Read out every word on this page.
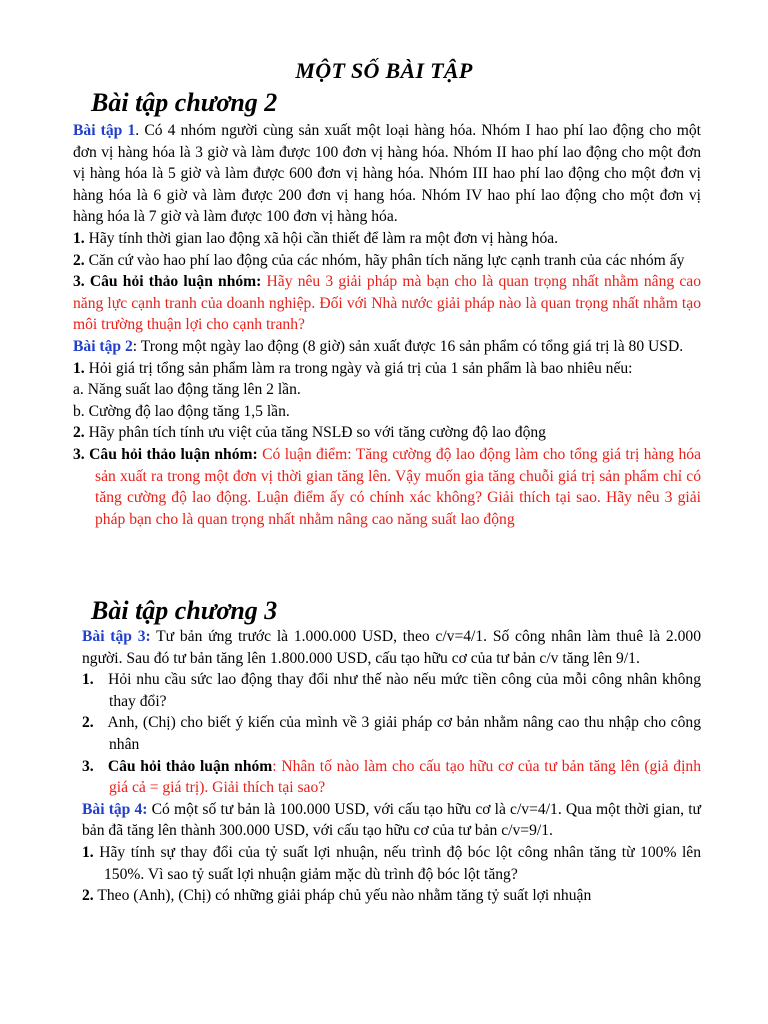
MỘT SỐ BÀI TẬP
Bài tập chương 2

Bài tập 1. Có 4 nhóm người cùng sản xuất một loại hàng hóa. Nhóm I hao phí lao động cho một đơn vị hàng hóa là 3 giờ và làm được 100 đơn vị hàng hóa. Nhóm II hao phí lao động cho một đơn vị hàng hóa là 5 giờ và làm được 600 đơn vị hàng hóa. Nhóm III hao phí lao động cho một đơn vị hàng hóa là 6 giờ và làm được 200 đơn vị hang hóa. Nhóm IV hao phí lao động cho một đơn vị hàng hóa là 7 giờ và làm được 100 đơn vị hàng hóa.

1. Hãy tính thời gian lao động xã hội cần thiết để làm ra một đơn vị hàng hóa.

2. Căn cứ vào hao phí lao động của các nhóm, hãy phân tích năng lực cạnh tranh của các nhóm ấy

3. Câu hỏi thảo luận nhóm: Hãy nêu 3 giải pháp mà bạn cho là quan trọng nhất nhằm nâng cao năng lực cạnh tranh của doanh nghiệp. Đối với Nhà nước giải pháp nào là quan trọng nhất nhằm tạo môi trường thuận lợi cho cạnh tranh?

Bài tập 2: Trong một ngày lao động (8 giờ) sản xuất được 16 sản phẩm có tổng giá trị là 80 USD.

1. Hỏi giá trị tổng sản phẩm làm ra trong ngày và giá trị của 1 sản phẩm là bao nhiêu nếu:

a. Năng suất lao động tăng lên 2 lần.

b. Cường độ lao động tăng 1,5 lần.

2. Hãy phân tích tính ưu việt của tăng NSLĐ so với tăng cường độ lao động

3. Câu hỏi thảo luận nhóm: Có luận điểm: Tăng cường độ lao động làm cho tổng giá trị hàng hóa sản xuất ra trong một đơn vị thời gian tăng lên. Vậy muốn gia tăng chuỗi giá trị sản phẩm chỉ có tăng cường độ lao động. Luận điểm ấy có chính xác không? Giải thích tại sao. Hãy nêu 3 giải pháp bạn cho là quan trọng nhất nhằm nâng cao năng suất lao động

Bài tập chương 3

Bài tập 3: Tư bản ứng trước là 1.000.000 USD, theo c/v=4/1. Số công nhân làm thuê là 2.000 người. Sau đó tư bản tăng lên 1.800.000 USD, cấu tạo hữu cơ của tư bản c/v tăng lên 9/1.

1. Hỏi nhu cầu sức lao động thay đổi như thế nào nếu mức tiền công của mỗi công nhân không thay đổi?

2. Anh, (Chị) cho biết ý kiến của mình về 3 giải pháp cơ bản nhằm nâng cao thu nhập cho công nhân

3. Câu hỏi thảo luận nhóm: Nhân tố nào làm cho cấu tạo hữu cơ của tư bản tăng lên (giả định giá cả = giá trị). Giải thích tại sao?

Bài tập 4: Có một số tư bản là 100.000 USD, với cấu tạo hữu cơ là c/v=4/1. Qua một thời gian, tư bản đã tăng lên thành 300.000 USD, với cấu tạo hữu cơ của tư bản c/v=9/1.

1. Hãy tính sự thay đổi của tỷ suất lợi nhuận, nếu trình độ bóc lột công nhân tăng từ 100% lên 150%. Vì sao tỷ suất lợi nhuận giảm mặc dù trình độ bóc lột tăng?

2. Theo (Anh), (Chị) có những giải pháp chủ yếu nào nhằm tăng tỷ suất lợi nhuận
